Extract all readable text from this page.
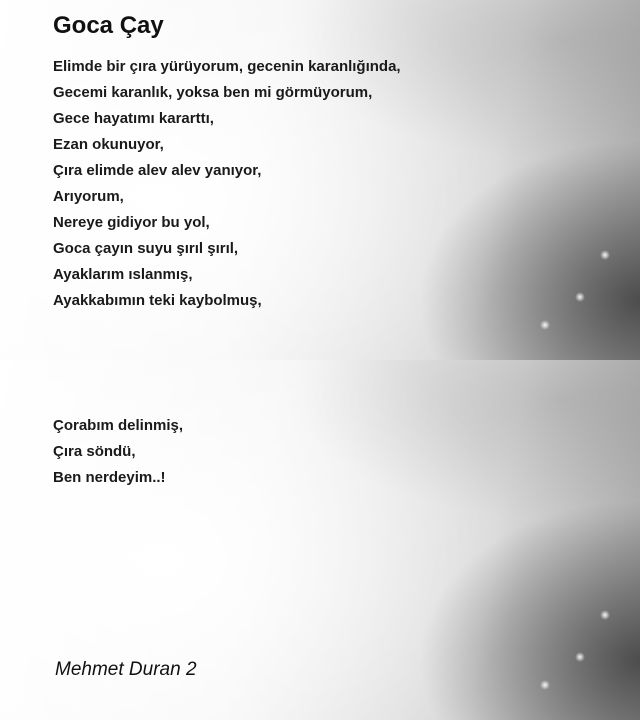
Goca Çay
Elimde bir çıra yürüyorum, gecenin karanlığında,
Gecemi karanlık, yoksa ben mi görmüyorum,
Gece hayatımı kararttı,
Ezan okunuyor,
Çıra elimde alev alev yanıyor,
Arıyorum,
Nereye gidiyor bu yol,
Goca çayın suyu şırıl şırıl,
Ayaklarım ıslanmış,
Ayakkabımın teki kaybolmuş,
Çorabım delinmiş,
Çıra söndü,
Ben nerdeyim..!
Mehmet Duran 2
